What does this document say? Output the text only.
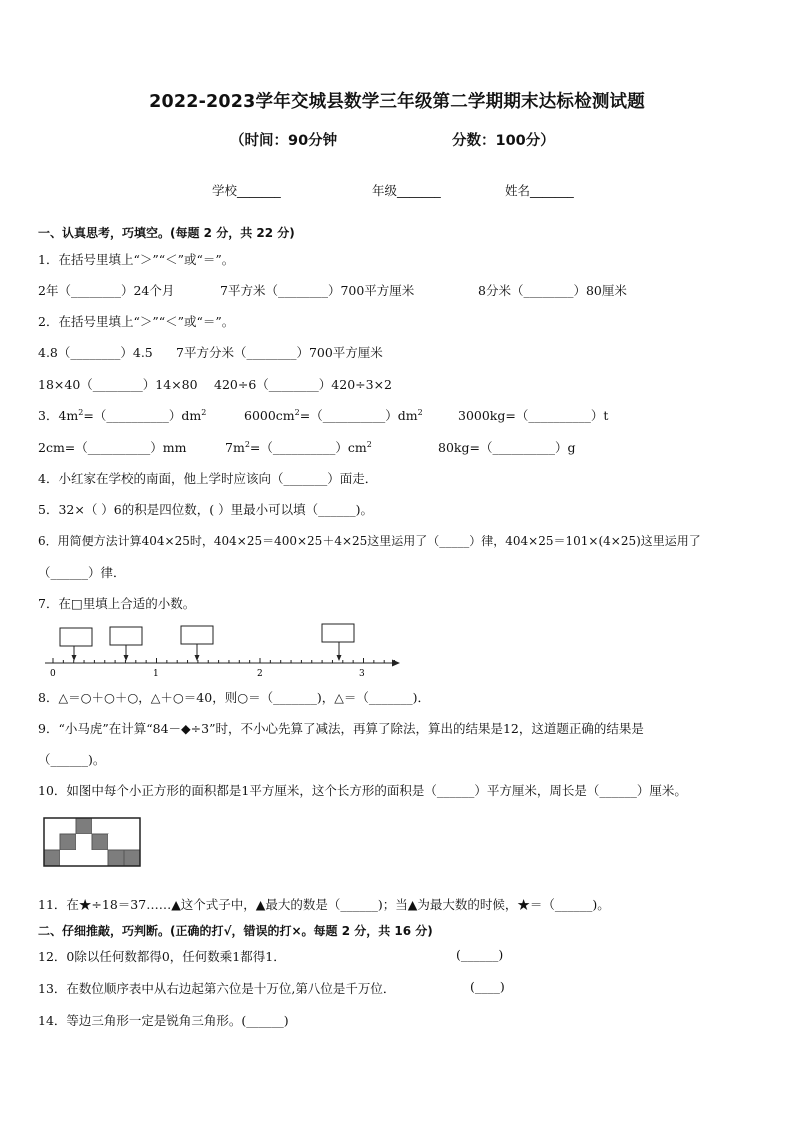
2022-2023学年交城县数学三年级第二学期期末达标检测试题
（时间：90分钟	分数：100分）
学校_______	年级_______	姓名_______
一、认真思考，巧填空。(每题 2 分，共 22 分)
1．在括号里填上“＞”“＜”或“＝”。
2年（________）24个月	7平方米（________）700平方厘米	8分米（________）80厘米
2．在括号里填上“＞”“＜”或“＝”。
4.8（________）4.5 7平方分米（________）700平方厘米
18×40（________）14×80 420÷6（________）420÷3×2
3．$4m^2=(\_\_\_\_\_\_\_\_\_\_)dm^2$	$6000cm^2=(\_\_\_\_\_\_\_\_\_\_)dm^2$	3000kg=（__________）t
2cm=（__________）mm	$7m^2=(\_\_\_\_\_\_\_\_\_\_)cm^2$	80kg=（__________）g
4．小红家在学校的南面，他上学时应该向（_______）面走．
5．32×（ ）6的积是四位数，( ）里最小可以填（______)。
6．用简便方法计算404×25时，404×25＝400×25＋4×25这里运用了（_____）律，404×25＝101×(4×25)这里运用了
（______）律．
7．在□里填上合适的小数。
0	1	2	3
8．△＝○＋○＋○，△＋○＝40，则○＝（_______)，△＝（_______)．
9．“小马虎”在计算“84－◆÷3”时，不小心先算了减法，再算了除法，算出的结果是12，这道题正确的结果是
（______)。
10．如图中每个小正方形的面积都是1平方厘米，这个长方形的面积是（______）平方厘米，周长是（______）厘米。
11．在★÷18＝37……▲这个式子中，▲最大的数是（______)；当▲为最大数的时候，★＝（______)。
二、仔细推敲，巧判断。(正确的打√，错误的打×。每题 2 分，共 16 分)
12．0除以任何数都得0，任何数乘1都得1．	(______)
13．在数位顺序表中从右边起第六位是十万位,第八位是千万位．	(____)
14．等边三角形一定是锐角三角形。(______)
